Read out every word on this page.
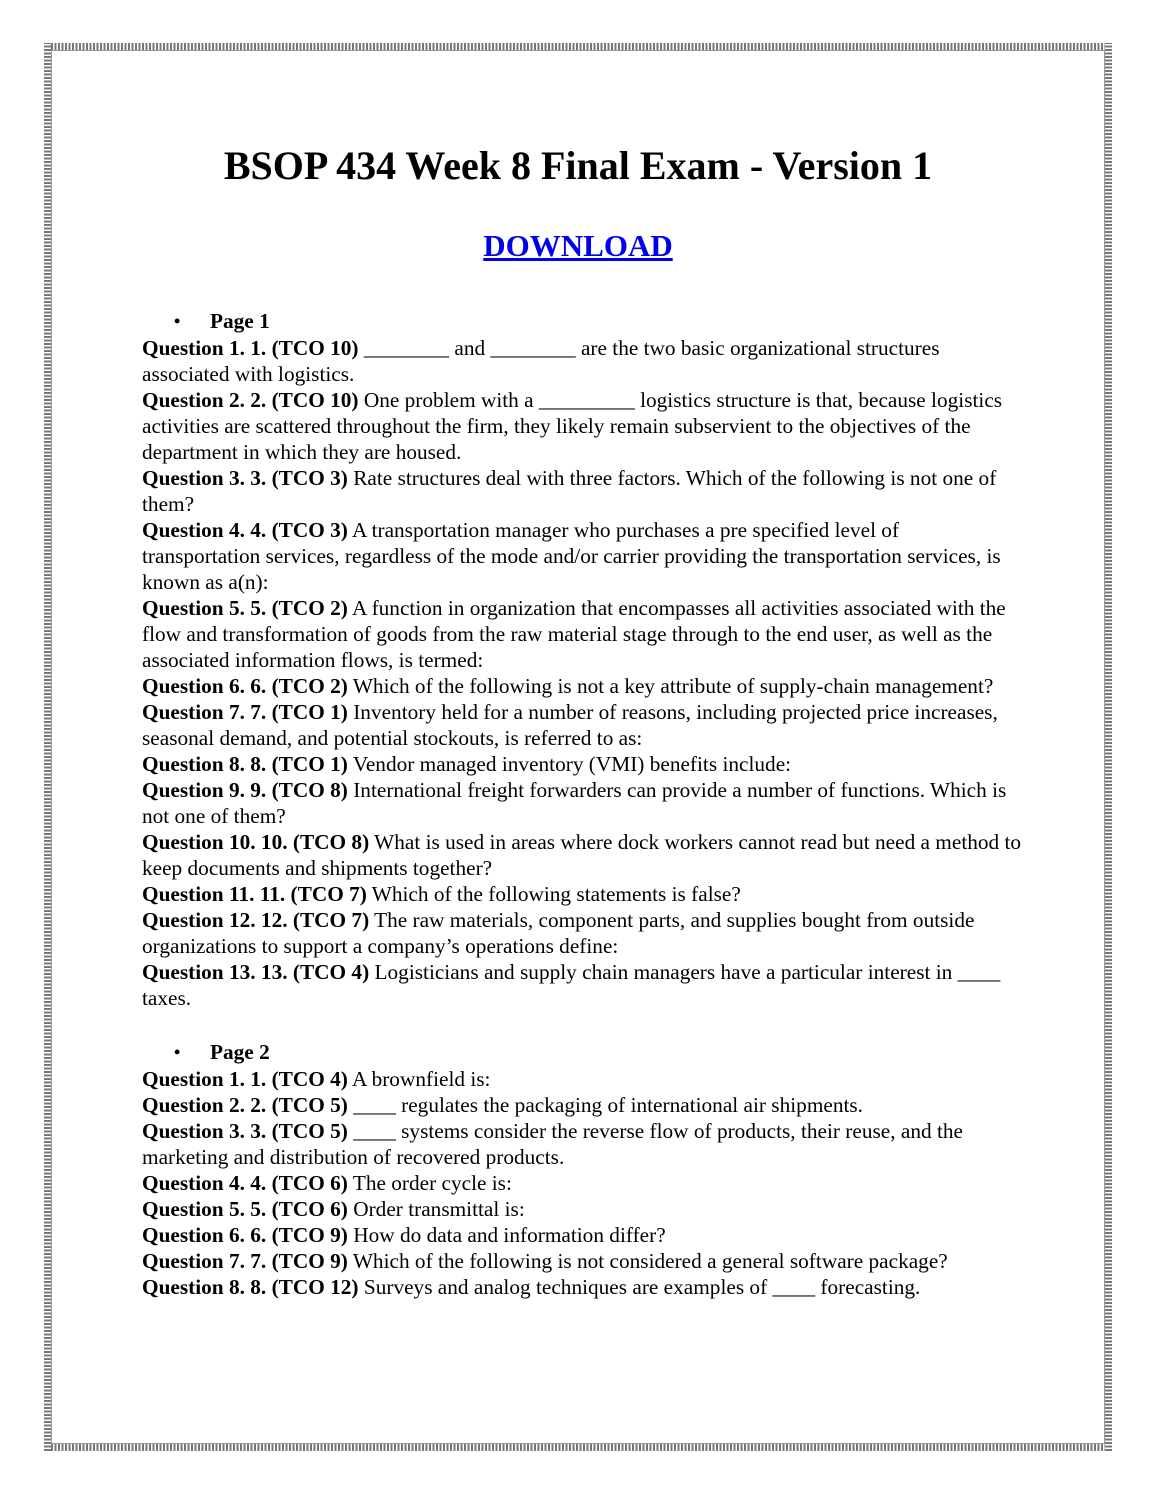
BSOP 434 Week 8 Final Exam - Version 1
DOWNLOAD
•	Page 1

Question 1. 1. (TCO 10) ________ and ________ are the two basic organizational structures associated with logistics.

Question 2. 2. (TCO 10) One problem with a _________ logistics structure is that, because logistics activities are scattered throughout the firm, they likely remain subservient to the objectives of the department in which they are housed.

Question 3. 3. (TCO 3) Rate structures deal with three factors. Which of the following is not one of them?

Question 4. 4. (TCO 3) A transportation manager who purchases a pre specified level of transportation services, regardless of the mode and/or carrier providing the transportation services, is known as a(n):

Question 5. 5. (TCO 2) A function in organization that encompasses all activities associated with the flow and transformation of goods from the raw material stage through to the end user, as well as the associated information flows, is termed:

Question 6. 6. (TCO 2) Which of the following is not a key attribute of supply-chain management?

Question 7. 7. (TCO 1) Inventory held for a number of reasons, including projected price increases, seasonal demand, and potential stockouts, is referred to as:

Question 8. 8. (TCO 1) Vendor managed inventory (VMI) benefits include:

Question 9. 9. (TCO 8) International freight forwarders can provide a number of functions. Which is not one of them?

Question 10. 10. (TCO 8) What is used in areas where dock workers cannot read but need a method to keep documents and shipments together?

Question 11. 11. (TCO 7) Which of the following statements is false?

Question 12. 12. (TCO 7) The raw materials, component parts, and supplies bought from outside organizations to support a company’s operations define:

Question 13. 13. (TCO 4) Logisticians and supply chain managers have a particular interest in ____ taxes.

•	Page 2

Question 1. 1. (TCO 4) A brownfield is:

Question 2. 2. (TCO 5) ____ regulates the packaging of international air shipments.

Question 3. 3. (TCO 5) ____ systems consider the reverse flow of products, their reuse, and the marketing and distribution of recovered products.

Question 4. 4. (TCO 6) The order cycle is:

Question 5. 5. (TCO 6) Order transmittal is:

Question 6. 6. (TCO 9) How do data and information differ?

Question 7. 7. (TCO 9) Which of the following is not considered a general software package?

Question 8. 8. (TCO 12) Surveys and analog techniques are examples of ____ forecasting.
